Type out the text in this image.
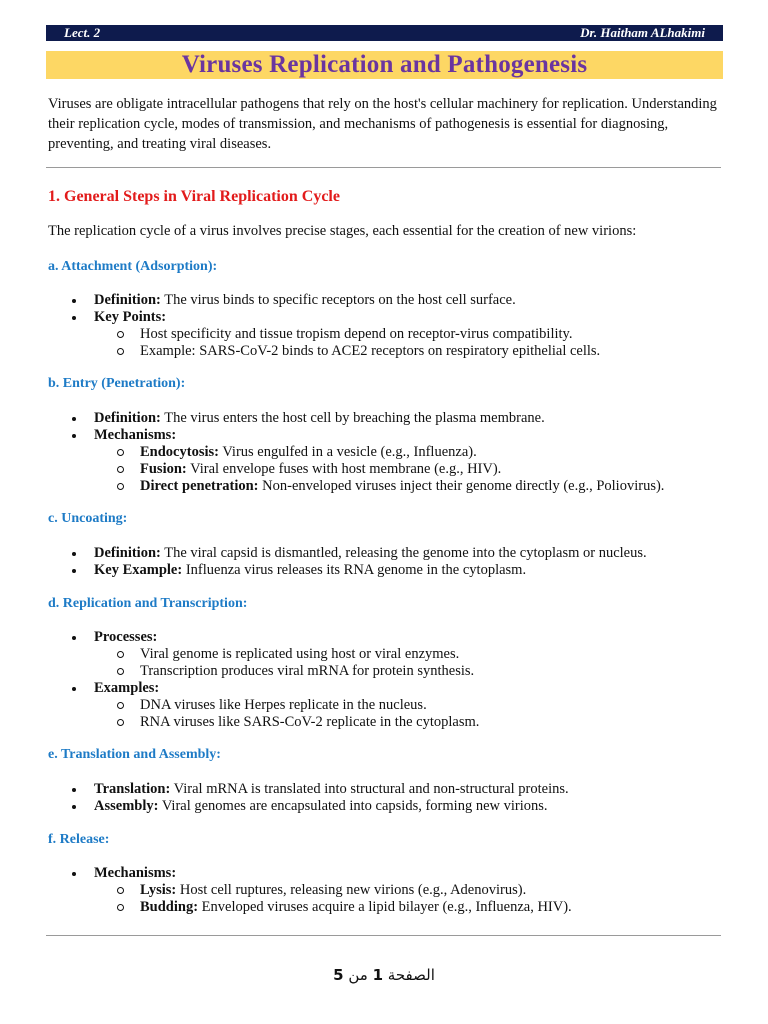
Lect. 2	Dr. Haitham ALhakimi
Viruses Replication and Pathogenesis

Viruses are obligate intracellular pathogens that rely on the host's cellular machinery for replication. Understanding their replication cycle, modes of transmission, and mechanisms of pathogenesis is essential for diagnosing, preventing, and treating viral diseases.

1. General Steps in Viral Replication Cycle

The replication cycle of a virus involves precise stages, each essential for the creation of new virions:

a. Attachment (Adsorption):
Definition: The virus binds to specific receptors on the host cell surface.
Key Points:
Host specificity and tissue tropism depend on receptor-virus compatibility.
Example: SARS-CoV-2 binds to ACE2 receptors on respiratory epithelial cells.
b. Entry (Penetration):
Definition: The virus enters the host cell by breaching the plasma membrane.
Mechanisms:
Endocytosis: Virus engulfed in a vesicle (e.g., Influenza).
Fusion: Viral envelope fuses with host membrane (e.g., HIV).
Direct penetration: Non-enveloped viruses inject their genome directly (e.g., Poliovirus).
c. Uncoating:
Definition: The viral capsid is dismantled, releasing the genome into the cytoplasm or nucleus.
Key Example: Influenza virus releases its RNA genome in the cytoplasm.
d. Replication and Transcription:
Processes:
Viral genome is replicated using host or viral enzymes.
Transcription produces viral mRNA for protein synthesis.
Examples:
DNA viruses like Herpes replicate in the nucleus.
RNA viruses like SARS-CoV-2 replicate in the cytoplasm.
e. Translation and Assembly:
Translation: Viral mRNA is translated into structural and non-structural proteins.
Assembly: Viral genomes are encapsulated into capsids, forming new virions.
f. Release:
Mechanisms:
Lysis: Host cell ruptures, releasing new virions (e.g., Adenovirus).
Budding: Enveloped viruses acquire a lipid bilayer (e.g., Influenza, HIV).
الصفحة 1 من 5
